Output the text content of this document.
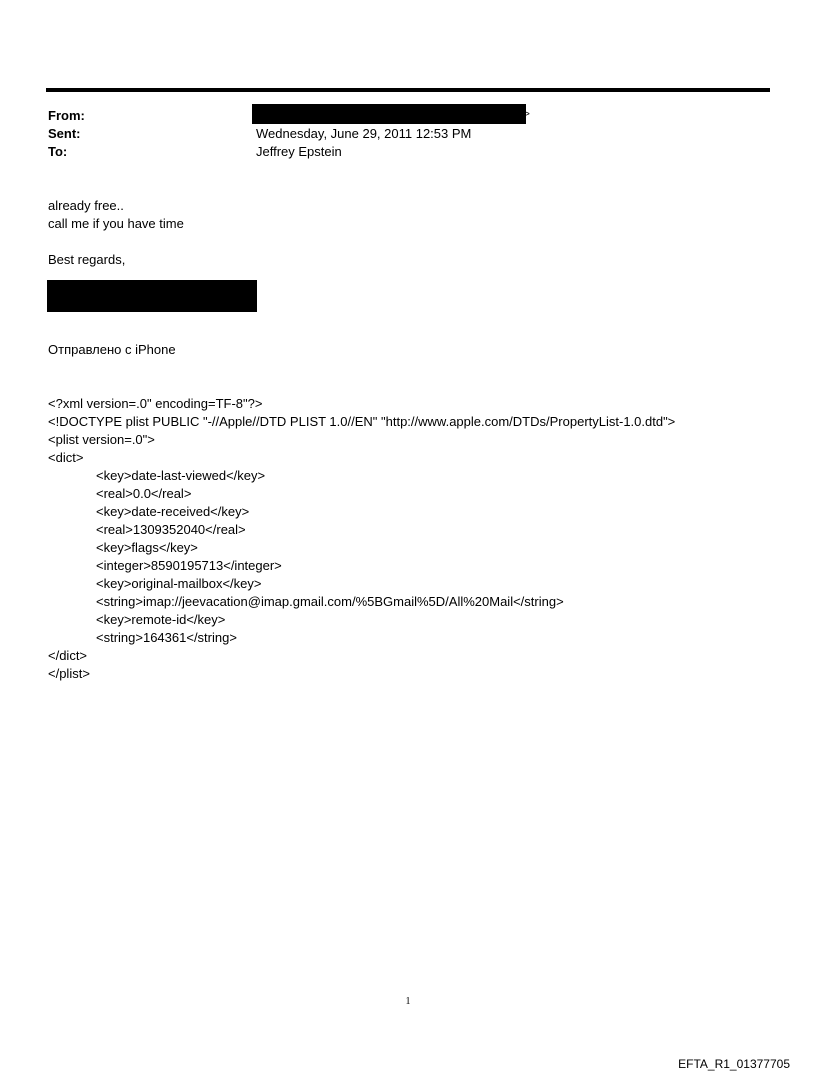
From:	>
Sent:	Wednesday, June 29, 2011 12:53 PM
To:	Jeffrey Epstein
already free..
call me if you have time
Best regards,
Отправлено с iPhone
<?xml version=.0" encoding=TF-8"?>
<!DOCTYPE plist PUBLIC "-//Apple//DTD PLIST 1.0//EN" "http://www.apple.com/DTDs/PropertyList-1.0.dtd">
<plist version=.0">
<dict>
<key>date-last-viewed</key>
<real>0.0</real>
<key>date-received</key>
<real>1309352040</real>
<key>flags</key>
<integer>8590195713</integer>
<key>original-mailbox</key>
<string>imap://jeevacation@imap.gmail.com/%5BGmail%5D/All%20Mail</string>
<key>remote-id</key>
<string>164361</string>
</dict>
</plist>
1
EFTA_R1_01377705
